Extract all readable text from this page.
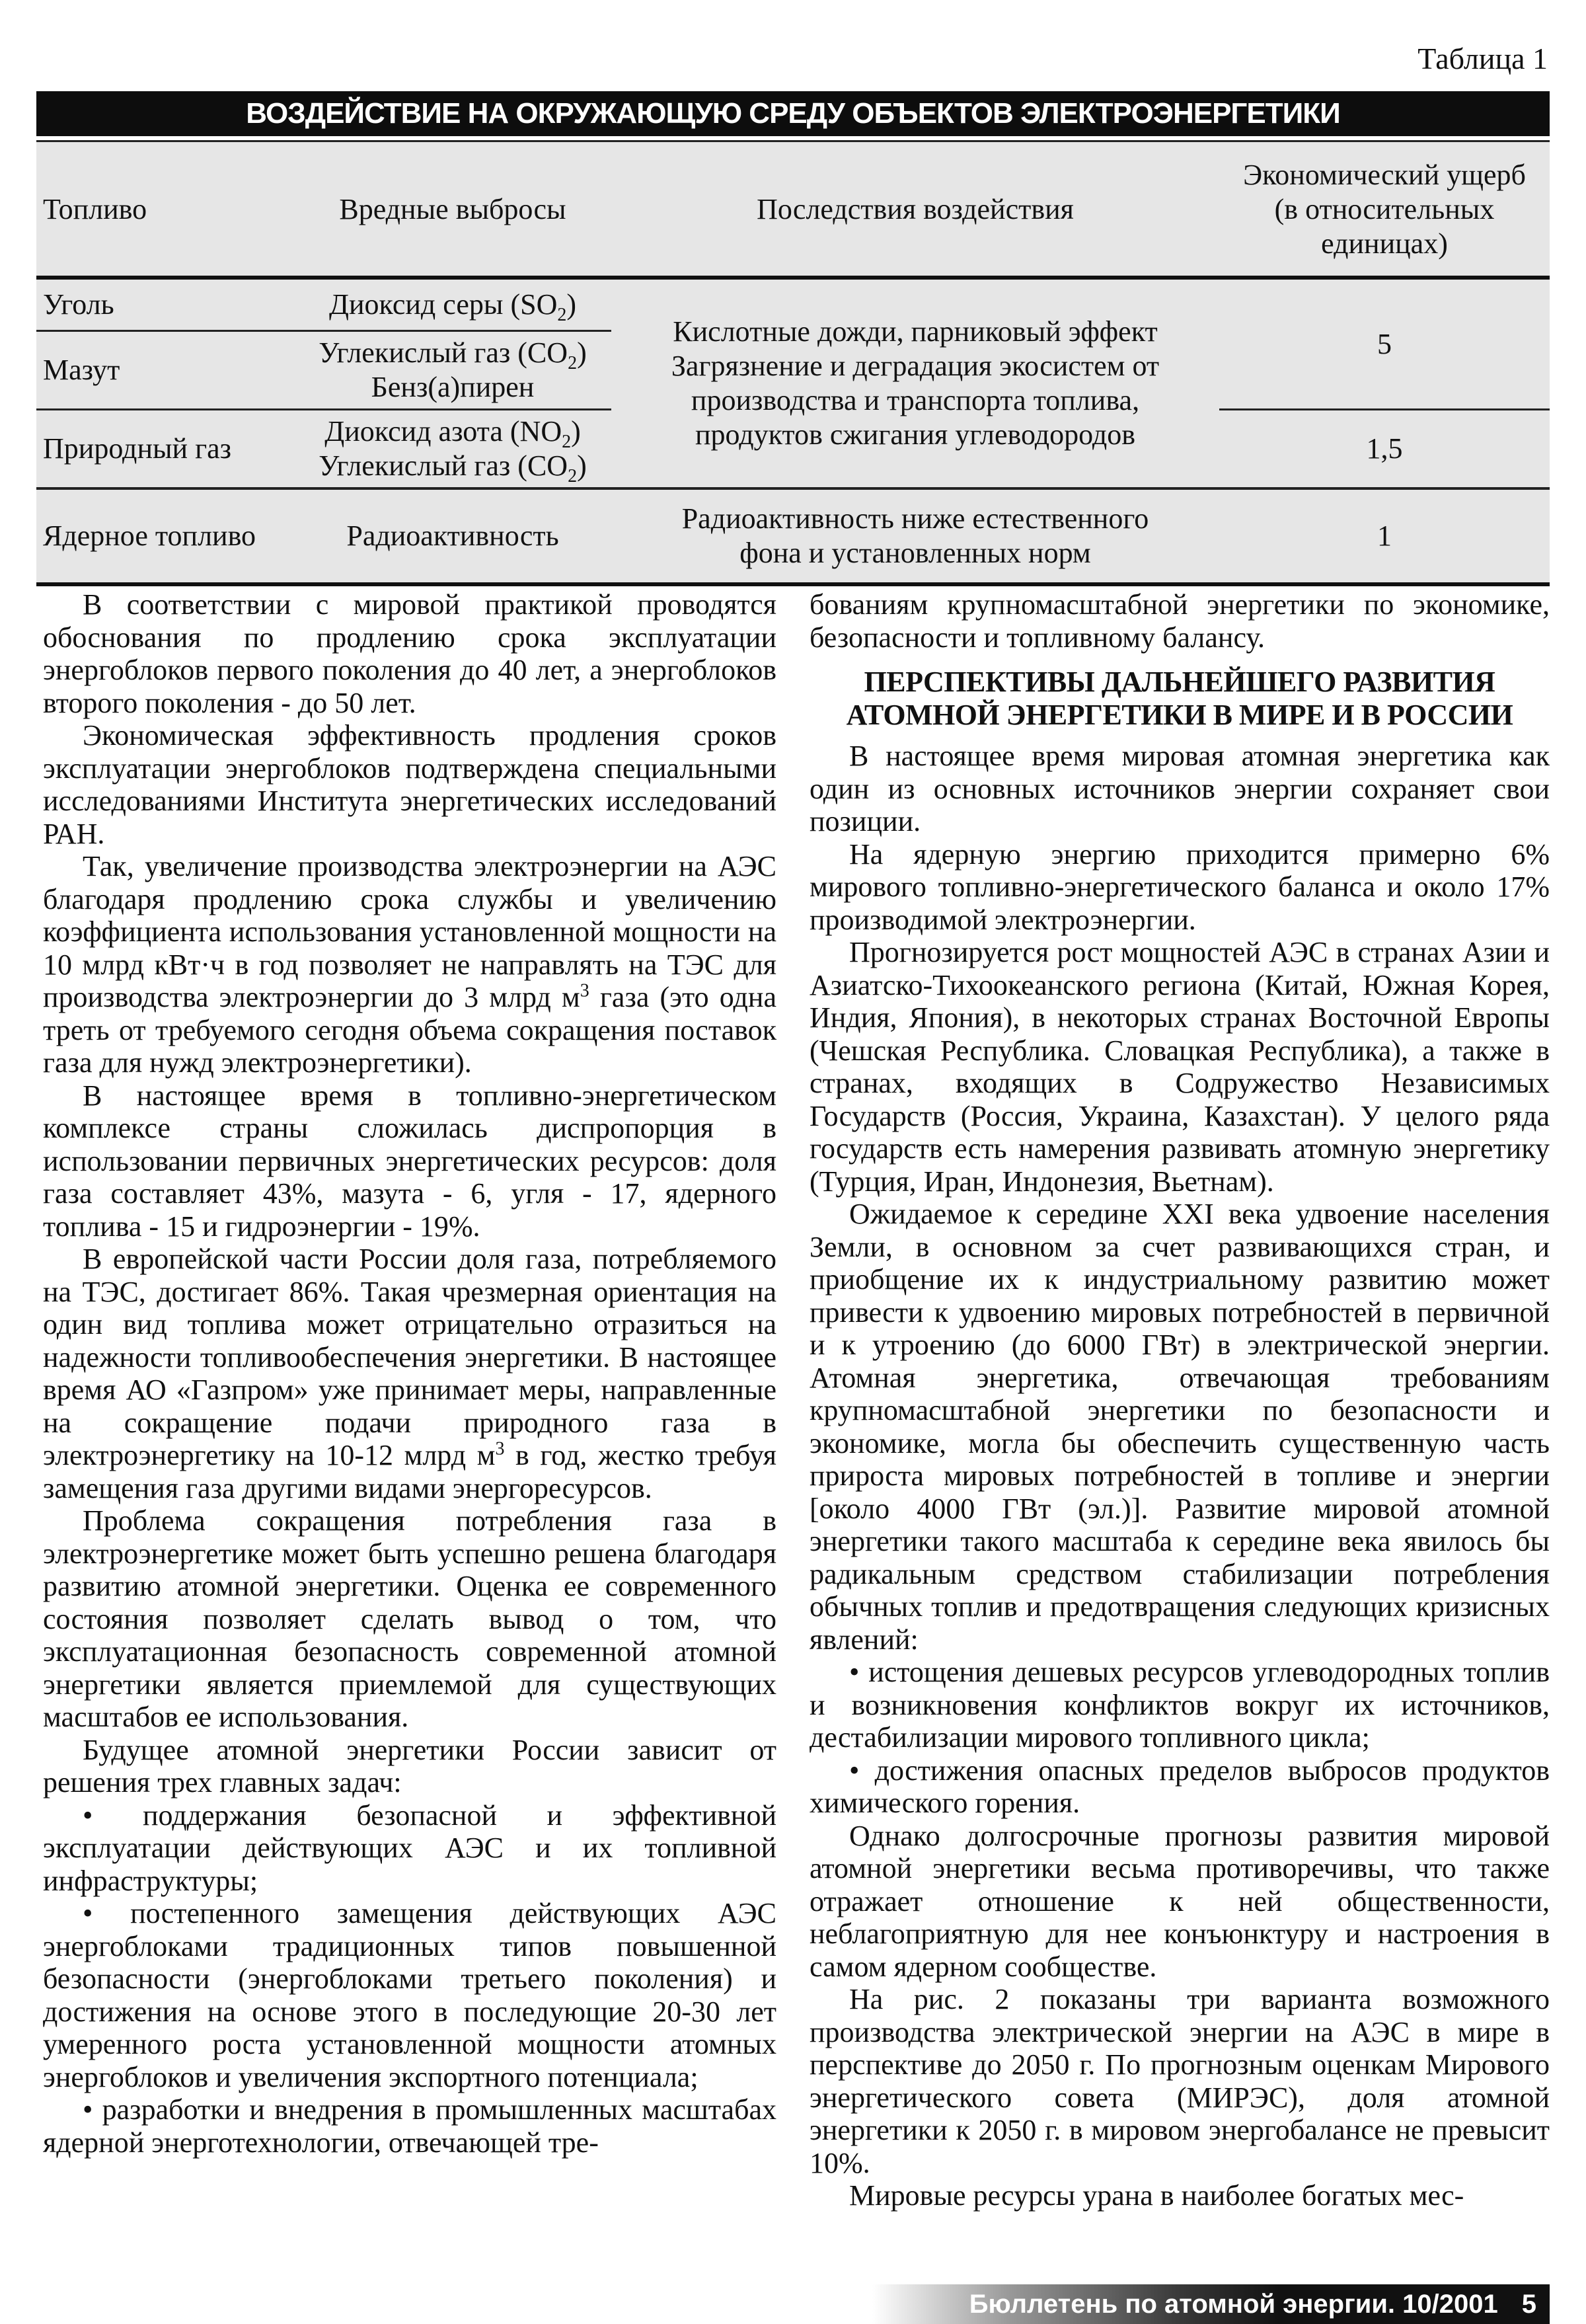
Таблица 1
ВОЗДЕЙСТВИЕ НА ОКРУЖАЮЩУЮ СРЕДУ ОБЪЕКТОВ ЭЛЕКТРОЭНЕРГЕТИКИ
Топливо	Вредные выбросы	Последствия воздействия	Экономический ущерб
(в относительных
единицах)
Уголь	Диоксид серы $(SO_2)$	Кислотные дожди, парниковый эффект
Загрязнение и деградация экосистем от
производства и транспорта топлива,
продуктов сжигания углеводородов	5
Мазут	Углекислый газ $(CO_2)$
Бенз(а)пирен		
Природный газ	Диоксид азота $(NO_2)$
Углекислый газ $(CO_2)$		1,5
Ядерное топливо	Радиоактивность	Радиоактивность ниже естественного
фона и установленных норм	1

В соответствии с мировой практикой проводятся обоснования по продлению срока эксплуатации энергоблоков первого поколения до 40 лет, а энергоблоков второго поколения - до 50 лет.

Экономическая эффективность продления сроков эксплуатации энергоблоков подтверждена специальными исследованиями Института энергетических исследований РАН.

Так, увеличение производства электроэнергии на АЭС благодаря продлению срока службы и увеличению коэффициента использования установленной мощности на 10 млрд кВт·ч в год позволяет не направлять на ТЭС для производства электроэнергии до 3 млрд $м^3$ газа (это одна треть от требуемого сегодня объема сокращения поставок газа для нужд электроэнергетики).

В настоящее время в топливно-энергетическом комплексе страны сложилась диспропорция в использовании первичных энергетических ресурсов: доля газа составляет 43%, мазута - 6, угля - 17, ядерного топлива - 15 и гидроэнергии - 19%.

В европейской части России доля газа, потребляемого на ТЭС, достигает 86%. Такая чрезмерная ориентация на один вид топлива может отрицательно отразиться на надежности топливообеспечения энергетики. В настоящее время АО «Газпром» уже принимает меры, направленные на сокращение подачи природного газа в электроэнергетику на 10-12 млрд $м^3$ в год, жестко требуя замещения газа другими видами энергоресурсов.

Проблема сокращения потребления газа в электроэнергетике может быть успешно решена благодаря развитию атомной энергетики. Оценка ее современного состояния позволяет сделать вывод о том, что эксплуатационная безопасность современной атомной энергетики является приемлемой для существующих масштабов ее использования.

Будущее атомной энергетики России зависит от решения трех главных задач:

• поддержания безопасной и эффективной эксплуатации действующих АЭС и их топливной инфраструктуры;

• постепенного замещения действующих АЭС энергоблоками традиционных типов повышенной безопасности (энергоблоками третьего поколения) и достижения на основе этого в последующие 20-30 лет умеренного роста установленной мощности атомных энергоблоков и увеличения экспортного потенциала;

• разработки и внедрения в промышленных масштабах ядерной энерготехнологии, отвечающей тре-

бованиям крупномасштабной энергетики по экономике, безопасности и топливному балансу.

ПЕРСПЕКТИВЫ ДАЛЬНЕЙШЕГО РАЗВИТИЯ
АТОМНОЙ ЭНЕРГЕТИКИ В МИРЕ И В РОССИИ

В настоящее время мировая атомная энергетика как один из основных источников энергии сохраняет свои позиции.

На ядерную энергию приходится примерно 6% мирового топливно-энергетического баланса и около 17% производимой электроэнергии.

Прогнозируется рост мощностей АЭС в странах Азии и Азиатско-Тихоокеанского региона (Китай, Южная Корея, Индия, Япония), в некоторых странах Восточной Европы (Чешская Республика. Словацкая Республика), а также в странах, входящих в Содружество Независимых Государств (Россия, Украина, Казахстан). У целого ряда государств есть намерения развивать атомную энергетику (Турция, Иран, Индонезия, Вьетнам).

Ожидаемое к середине XXI века удвоение населения Земли, в основном за счет развивающихся стран, и приобщение их к индустриальному развитию может привести к удвоению мировых потребностей в первичной и к утроению (до 6000 ГВт) в электрической энергии. Атомная энергетика, отвечающая требованиям крупномасштабной энергетики по безопасности и экономике, могла бы обеспечить существенную часть прироста мировых потребностей в топливе и энергии [около 4000 ГВт (эл.)]. Развитие мировой атомной энергетики такого масштаба к середине века явилось бы радикальным средством стабилизации потребления обычных топлив и предотвращения следующих кризисных явлений:

• истощения дешевых ресурсов углеводородных топлив и возникновения конфликтов вокруг их источников, дестабилизации мирового топливного цикла;

• достижения опасных пределов выбросов продуктов химического горения.

Однако долгосрочные прогнозы развития мировой атомной энергетики весьма противоречивы, что также отражает отношение к ней общественности, неблагоприятную для нее конъюнктуру и настроения в самом ядерном сообществе.

На рис. 2 показаны три варианта возможного производства электрической энергии на АЭС в мире в перспективе до 2050 г. По прогнозным оценкам Мирового энергетического совета (МИРЭС), доля атомной энергетики к 2050 г. в мировом энергобалансе не превысит 10%.

Мировые ресурсы урана в наиболее богатых мес-

Бюллетень по атомной энергии. 10/2001 5
